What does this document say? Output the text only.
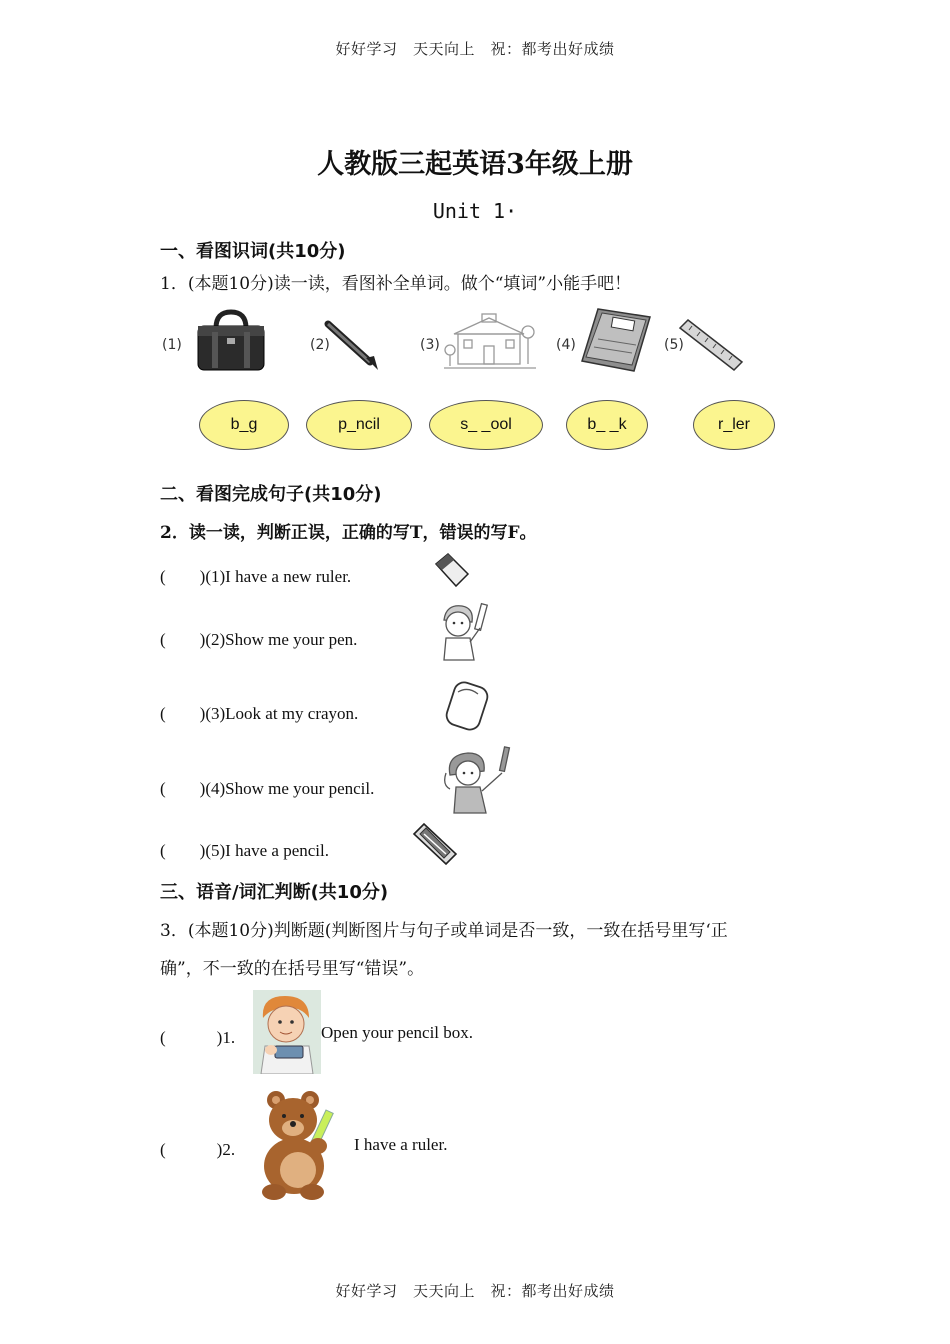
好好学习　天天向上　祝：都考出好成绩
人教版三起英语3年级上册
Unit 1·
一、看图识词(共10分)
1．(本题10分)读一读，看图补全单词。做个“填词”小能手吧！
(1)	(2)	(3)	(4)	(5)
b_g	p_ncil	s_ _ool	b_ _k	r_ler
二、看图完成句子(共10分)
2．读一读，判断正误，正确的写T，错误的写F。
(　　)(1)I have a new ruler.
(　　)(2)Show me your pen.
(　　)(3)Look at my crayon.
(　　)(4)Show me your pencil.
(　　)(5)I have a pencil.
三、语音/词汇判断(共10分)
3．(本题10分)判断题(判断图片与句子或单词是否一致，一致在括号里写‘正
确”，不一致的在括号里写“错误”。
(　　　)1.	Open your pencil box.
(　　　)2.	I have a ruler.
好好学习　天天向上　祝：都考出好成绩
